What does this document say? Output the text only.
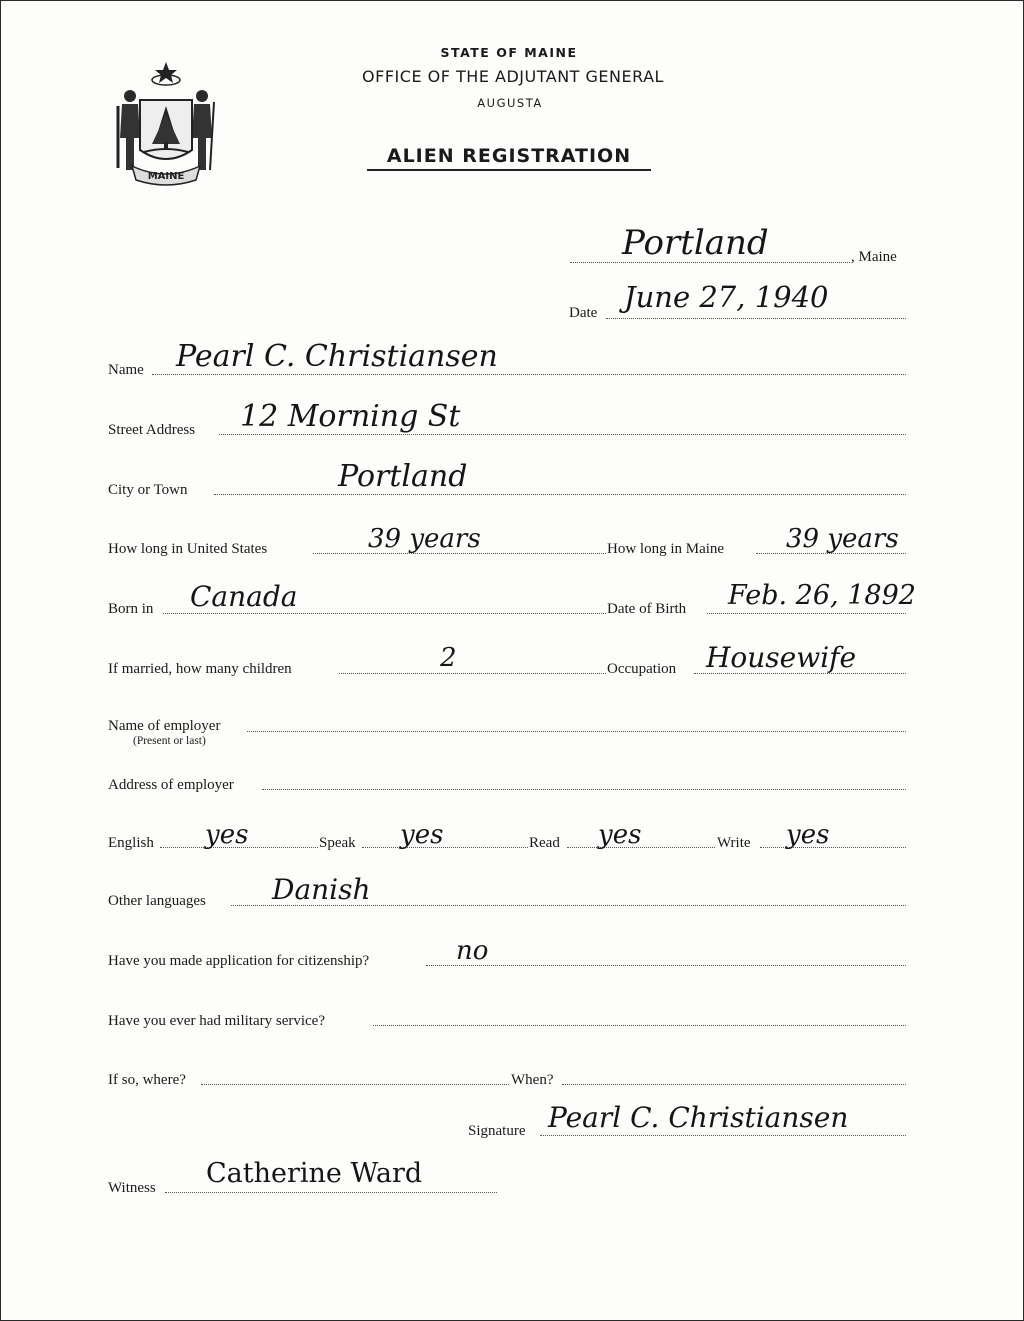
MAINE
STATE OF MAINE
OFFICE OF THE ADJUTANT GENERAL
AUGUSTA
ALIEN REGISTRATION
Portland	, Maine
Date June 27, 1940
Name Pearl C. Christiansen
Street Address 12 Morning St
City or Town	Portland
How long in United States	39 years	How long in Maine 39 years
Born in Canada	Date of Birth Feb. 26, 1892
If married, how many children	2	Occupation Housewife
Name of employer
(Present or last)
Address of employer
English yes	Speak yes	Read yes	Write yes
Other languages Danish
Have you made application for citizenship?	no
Have you ever had military service?
If so, where?	When?
Signature Pearl C. Christiansen
Witness Catherine Ward
